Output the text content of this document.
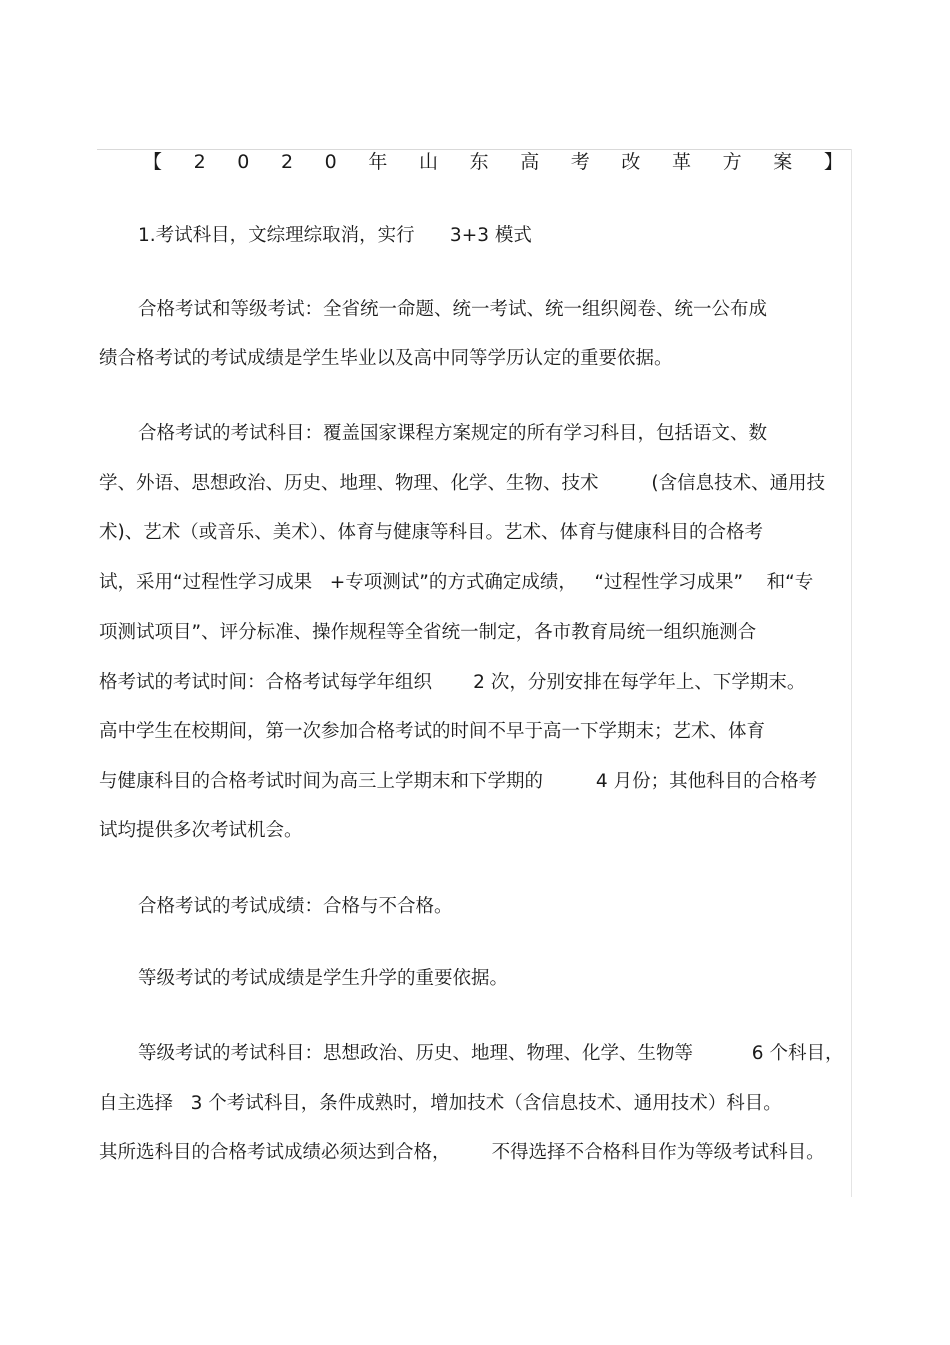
【 2 0 2 0 年 山 东 高 考 改 革 方 案 】
1.考试科目，文综理综取消，实行      3+3 模式
合格考试和等级考试：全省统一命题、统一考试、统一组织阅卷、统一公布成
绩合格考试的考试成绩是学生毕业以及高中同等学历认定的重要依据。
合格考试的考试科目：覆盖国家课程方案规定的所有学习科目，包括语文、数
学、外语、思想政治、历史、地理、物理、化学、生物、技术         (含信息技术、通用技
术)、艺术（或音乐、美术）、体育与健康等科目。艺术、体育与健康科目的合格考
试，采用“过程性学习成果   +专项测试”的方式确定成绩，   “过程性学习成果”    和“专
项测试项目”、评分标准、操作规程等全省统一制定，各市教育局统一组织施测合
格考试的考试时间：合格考试每学年组织       2 次，分别安排在每学年上、下学期末。
高中学生在校期间，第一次参加合格考试的时间不早于高一下学期末；艺术、体育
与健康科目的合格考试时间为高三上学期末和下学期的         4 月份；其他科目的合格考
试均提供多次考试机会。
合格考试的考试成绩：合格与不合格。
等级考试的考试成绩是学生升学的重要依据。
等级考试的考试科目：思想政治、历史、地理、物理、化学、生物等          6 个科目，
自主选择   3 个考试科目，条件成熟时，增加技术（含信息技术、通用技术）科目。
其所选科目的合格考试成绩必须达到合格，       不得选择不合格科目作为等级考试科目。
